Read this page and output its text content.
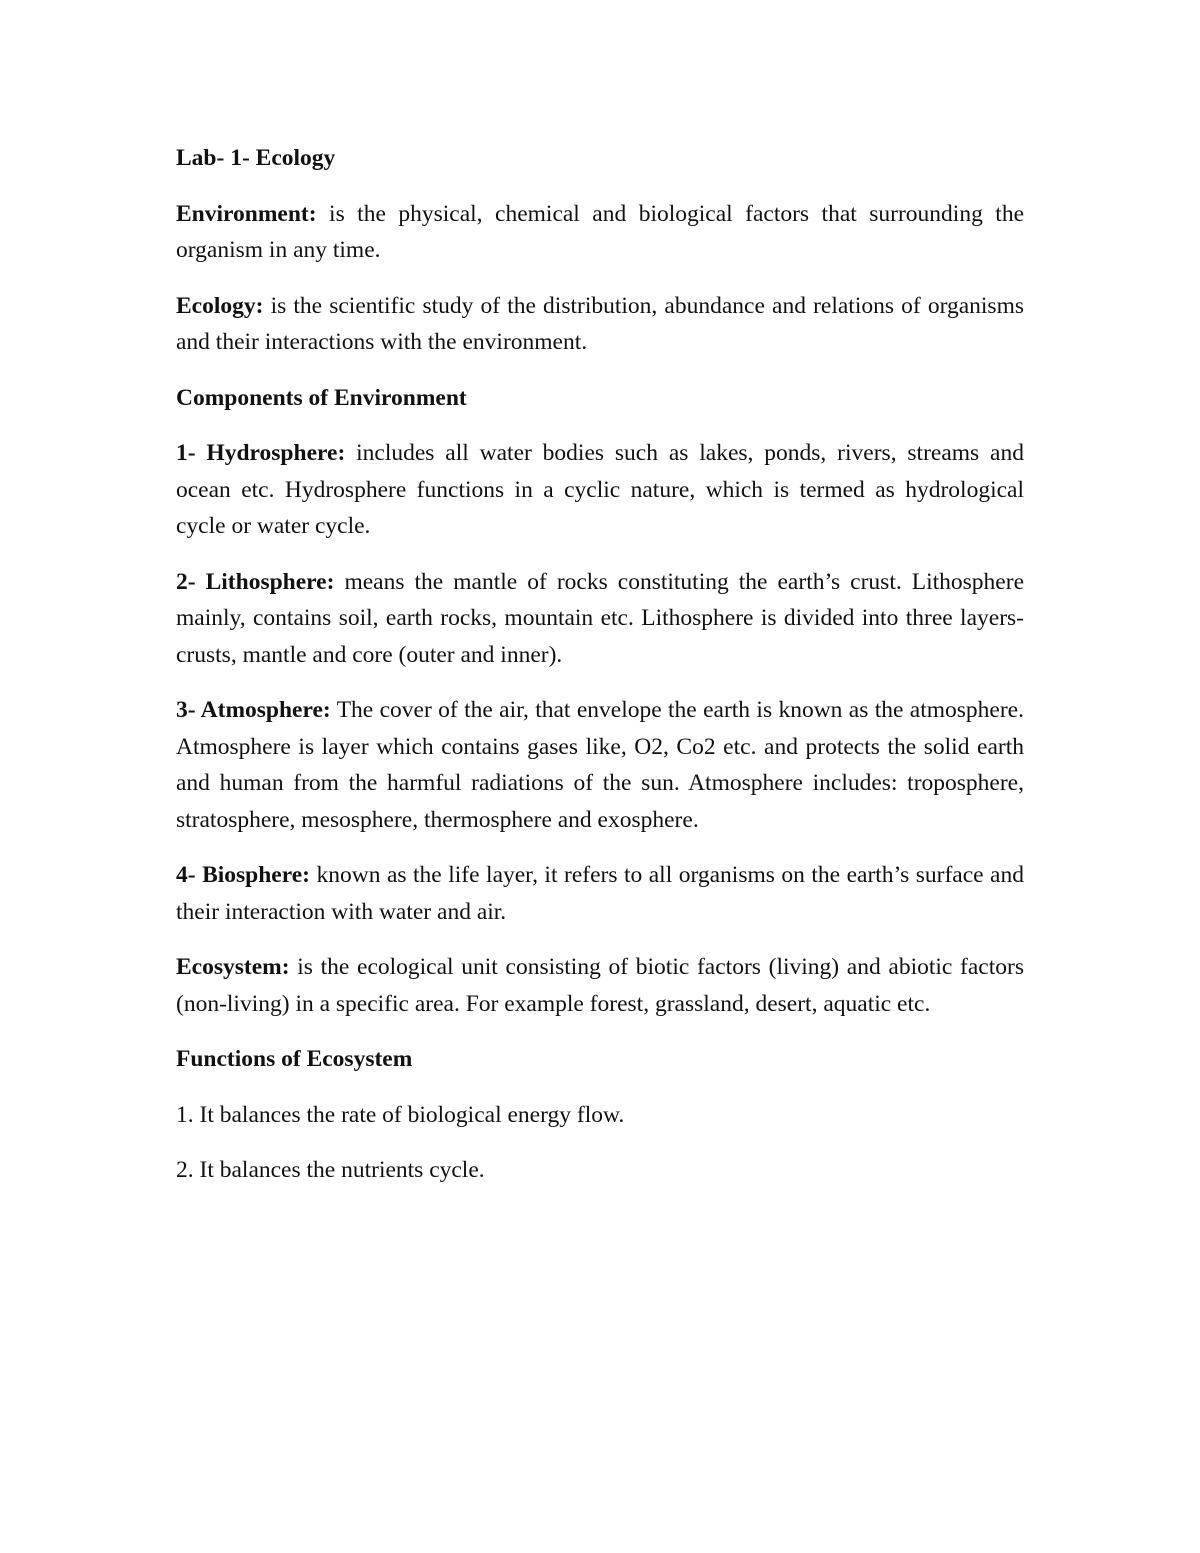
Lab- 1- Ecology

Environment: is the physical, chemical and biological factors that surrounding the organism in any time.

Ecology: is the scientific study of the distribution, abundance and relations of organisms and their interactions with the environment.

Components of Environment

1- Hydrosphere: includes all water bodies such as lakes, ponds, rivers, streams and ocean etc. Hydrosphere functions in a cyclic nature, which is termed as hydrological cycle or water cycle.

2- Lithosphere: means the mantle of rocks constituting the earth’s crust. Lithosphere mainly, contains soil, earth rocks, mountain etc. Lithosphere is divided into three layers-crusts, mantle and core (outer and inner).

3- Atmosphere: The cover of the air, that envelope the earth is known as the atmosphere. Atmosphere is layer which contains gases like, O2, Co2 etc. and protects the solid earth and human from the harmful radiations of the sun. Atmosphere includes: troposphere, stratosphere, mesosphere, thermosphere and exosphere.

4- Biosphere: known as the life layer, it refers to all organisms on the earth’s surface and their interaction with water and air.

Ecosystem: is the ecological unit consisting of biotic factors (living) and abiotic factors (non-living) in a specific area. For example forest, grassland, desert, aquatic etc.

Functions of Ecosystem

1. It balances the rate of biological energy flow.

2. It balances the nutrients cycle.
